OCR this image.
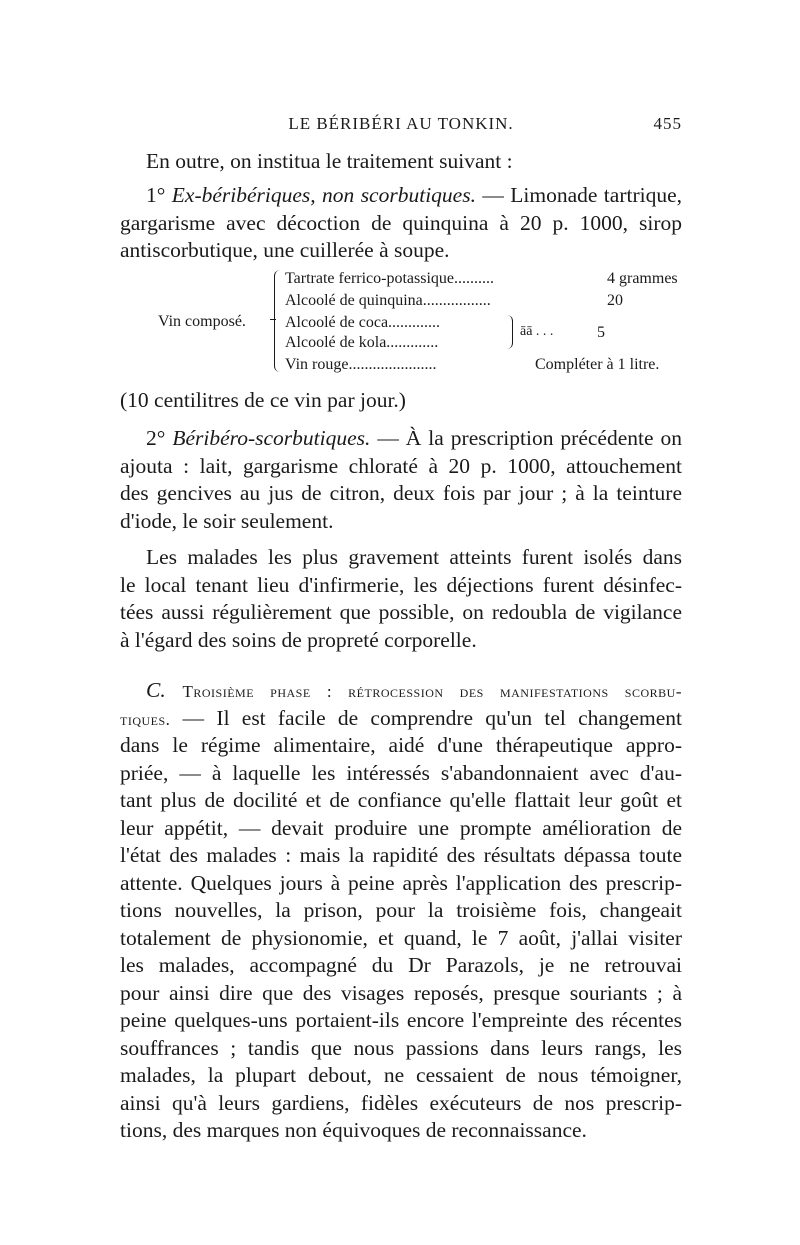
LE BÉRIBÉRI AU TONKIN.	455
En outre, on institua le traitement suivant :
1° Ex-béribériques, non scorbutiques. — Limonade tartrique,
gargarisme avec décoction de quinquina à 20 p. 1000, sirop
antiscorbutique, une cuillerée à soupe.
Vin composé.
Tartrate ferrico-potassique..........	4 grammes
Alcoolé de quinquina.................	20
Alcoolé de coca.............
Alcoolé de kola.............
āā . . .	5
Vin rouge......................	Compléter à 1 litre.
(10 centilitres de ce vin par jour.)
2° Béribéro-scorbutiques. — À la prescription précédente on
ajouta : lait, gargarisme chloraté à 20 p. 1000, attouchement
des gencives au jus de citron, deux fois par jour ; à la teinture
d'iode, le soir seulement.
Les malades les plus gravement atteints furent isolés dans
le local tenant lieu d'infirmerie, les déjections furent désinfec-
tées aussi régulièrement que possible, on redoubla de vigilance
à l'égard des soins de propreté corporelle.
C. Troisième phase : rétrocession des manifestations scorbu-
tiques. — Il est facile de comprendre qu'un tel changement
dans le régime alimentaire, aidé d'une thérapeutique appro-
priée, — à laquelle les intéressés s'abandonnaient avec d'au-
tant plus de docilité et de confiance qu'elle flattait leur goût et
leur appétit, — devait produire une prompte amélioration de
l'état des malades : mais la rapidité des résultats dépassa toute
attente. Quelques jours à peine après l'application des prescrip-
tions nouvelles, la prison, pour la troisième fois, changeait
totalement de physionomie, et quand, le 7 août, j'allai visiter
les malades, accompagné du Dr Parazols, je ne retrouvai
pour ainsi dire que des visages reposés, presque souriants ; à
peine quelques-uns portaient-ils encore l'empreinte des récentes
souffrances ; tandis que nous passions dans leurs rangs, les
malades, la plupart debout, ne cessaient de nous témoigner,
ainsi qu'à leurs gardiens, fidèles exécuteurs de nos prescrip-
tions, des marques non équivoques de reconnaissance.
